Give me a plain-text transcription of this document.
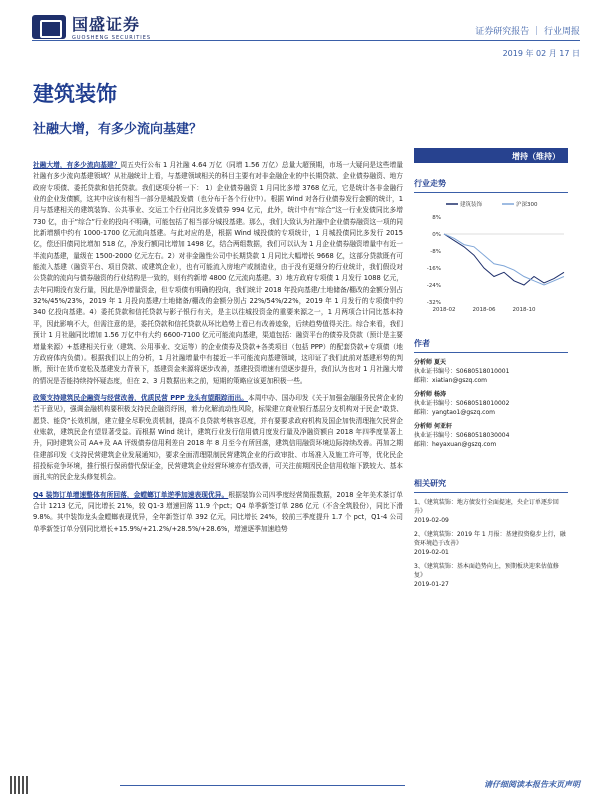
国盛证券
GUOSHENG SECURITIES
证券研究报告 ｜ 行业周报
2019 年 02 月 17 日
建筑装饰
社融大增，有多少流向基建？

社融大增，有多少流向基建？周五央行公布 1 月社融 4.64 万亿（同增 1.56 万亿）总量大超预期，市场一大疑问是这些增量社融有多少流向基建领域？从社融统计上看，与基建领域相关的科目主要有对非金融企业的中长期贷款、企业债券融资、地方政府专项债、委托贷款和信托贷款。我们逐项分析一下： 1）企业债券融资 1 月同比多增 3768 亿元，它是统计各非金融行业的企业发债额，这其中应该有相当一部分是城投发债（也分布于各个行业中）。根据 Wind 对各行业债券发行金额的统计，1 月与基建相关的建筑装饰、公共事业、交运工个行业同比多发债券 994 亿元，此外，统计中有“综合”这一行业发债同比多增 730 亿，由于“综合”行业的投向不明确，可能包括了相当部分城投基建。那么，我们大致认为社融中企业债券融资这一项的同比新增额中约有 1000-1700 亿元流向基建。与此对应的是，根据 Wind 城投债的专项统计，1 月城投债同比多发行 2015 亿，偿还旧债同比增加 518 亿，净发行额同比增加 1498 亿，结合两组数据，我们可以认为 1 月企业债券融资增量中有近一半流向基建，量级在 1500-2000 亿元左右。2）对非金融性公司中长期贷款 1 月同比大幅增长 9668 亿，这部分贷款既有可能流入基建（融资平台、项目贷款、或建筑企业），也有可能流入房地产或制造业，由于没有更细分的行业统计，我们假设对公贷款的流向与债券融资的行业结构是一致的，则有约新增 4800 亿元流向基建。3）地方政府专项债 1 月发行 1088 亿元，去年同期没有发行量，因此是净增量资金，但专项债有明确的投向，我们统计 2018 年投向基建/土地储备/棚改的金额分别占 32%/45%/23%，2019 年 1 月投向基建/土地储备/棚改的金额分别占 22%/54%/22%，2019 年 1 月发行的专项债中约 340 亿投向基建。4）委托贷款和信托贷款与影子银行有关，是主以往城投资金的重要来源之一，1 月两项合计同比基本持平，因此影响不大，但需注意的是，委托贷款和信托贷款从环比趋势上看已有改善迹象，后续趋势值得关注。综合来看，我们预计 1 月社融同比增加 1.56 万亿中有大约 6600-7100 亿元可能流向基建，渠道包括：融资平台的债券及贷款（预计是主要增量来源）+基建相关行业（建筑、公用事业、交运等）的企业债券及贷款+各类项目（包括 PPP）的配套贷款+专项债（地方政府体内负债）。根据我们以上的分析，1 月社融增量中有接近一半可能流向基建领域，这印证了我们此前对基建形势的判断，预计在货币宽松及基建发力背景下，基建资金来源将逐步改善，基建投资增速有望逐步提升，我们认为也对 1 月社融大增的情况是否能持续持怀疑态度，但在 2、3 月数据出来之前，短期的策略应该更加积极一些。

政策支持建筑民企融资与经营改善，优质民营 PPP 龙头有望跟踪而出。本周中办、国办印发《关于加强金融服务民营企业的若干意见》，强调金融机构要积极支持民企融资纾困，着力化解流动性风险，标梁建立商业银行基层分支机构对于民企“敢贷、愿贷、能贷”长效机制，建立健全尽职免责机制，提高不良贷款考核容忍度，并有要要求政府机构及国企加快清理拖欠民营企业账款，建筑民企有望显著受益。而根据 Wind 统计，建筑行业发行信用债月度发行量及净融资额自 2018 年四季度显著上升，同时建筑公司 AA+及 AA 评级债券信用利差自 2018 年 8 月至今有所回落，建筑信用融资环境边际持续改善。再加之期住建部印发《支持民营建筑企业发展通知》，要求全面清理限制民营建筑企业的行政审批、市场准入及施工许可等，优化民企招投标竞争环境，推行银行保函替代保证金，民营建筑企业经营环境亦有望改善，可关注前期因民企信用收缩下跌较大、基本面扎实的民企龙头修复机会。

Q4 装饰订单增速整体有所回落，金螳螂订单逆季加速表现优异。根据装饰公司四季度经营简报数据，2018 全年美术茶订单合计 1213 亿元，同比增长 21%，较 Q1-3 增速回落 11.9 个pct；Q4 单季新签订单 286 亿元（不含全筑股份），同比下滑 9.8%。其中装饰龙头金螳螂表现优异，全年新签订单 392 亿元，同比增长 24%，较前三季度提升 1.7 个 pct，Q1-4 公司单季新签订单分别同比增长+15.9%/+21.2%/+28.5%/+28.6%，增速逐季加速趋势

增持（维持）
行业走势
建筑装饰	沪深300
8%
0%
-8%
-16%
-24%
-32%
2018-02	2018-06	2018-10
作者
分析师 夏天
执业证书编号：S0680518010001
邮箱：xiatian@gszq.com
分析师 杨涛
执业证书编号：S0680518010002
邮箱：yangtao1@gszq.com
分析师 何亚轩
执业证书编号：S0680518030004
邮箱：heyaxuan@gszq.com
相关研究
1、《建筑装饰：地方债发行全面提速，央企订单逐步回升》
2019-02-09
2、《建筑装饰：2019 年 1 月报：基建投资稳步上行，融资环境趋于改善》
2019-02-01
3、《建筑装饰：基本面趋势向上，预期板块迎来估值修复》
2019-01-27
请仔细阅读本报告末页声明
